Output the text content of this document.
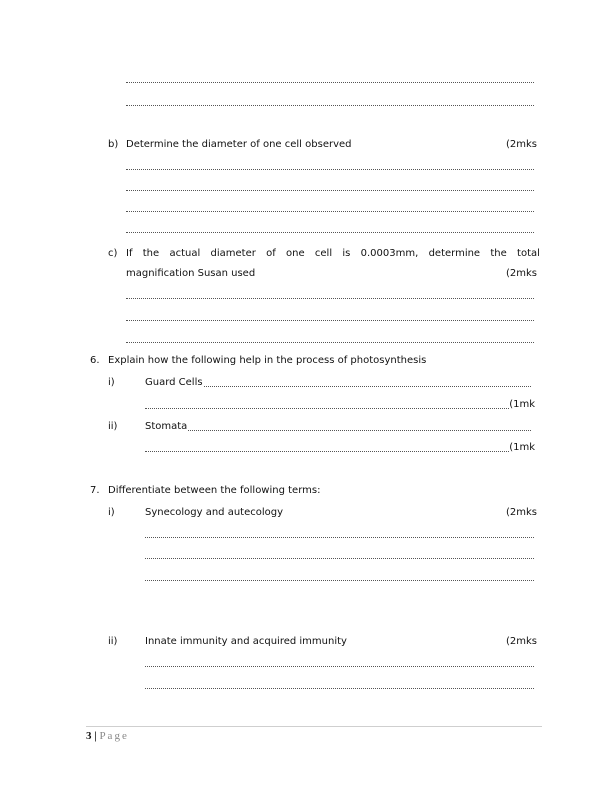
b) Determine the diameter of one cell observed	(2mks
c) If the actual diameter of one cell is 0.0003mm, determine the total
magnification Susan used	(2mks
6. Explain how the following help in the process of photosynthesis
i)	Guard Cells
(1mk
ii)	Stomata
(1mk
7. Differentiate between the following terms:
i)	Synecology and autecology	(2mks
ii)	Innate immunity and acquired immunity	(2mks
3 | Page
